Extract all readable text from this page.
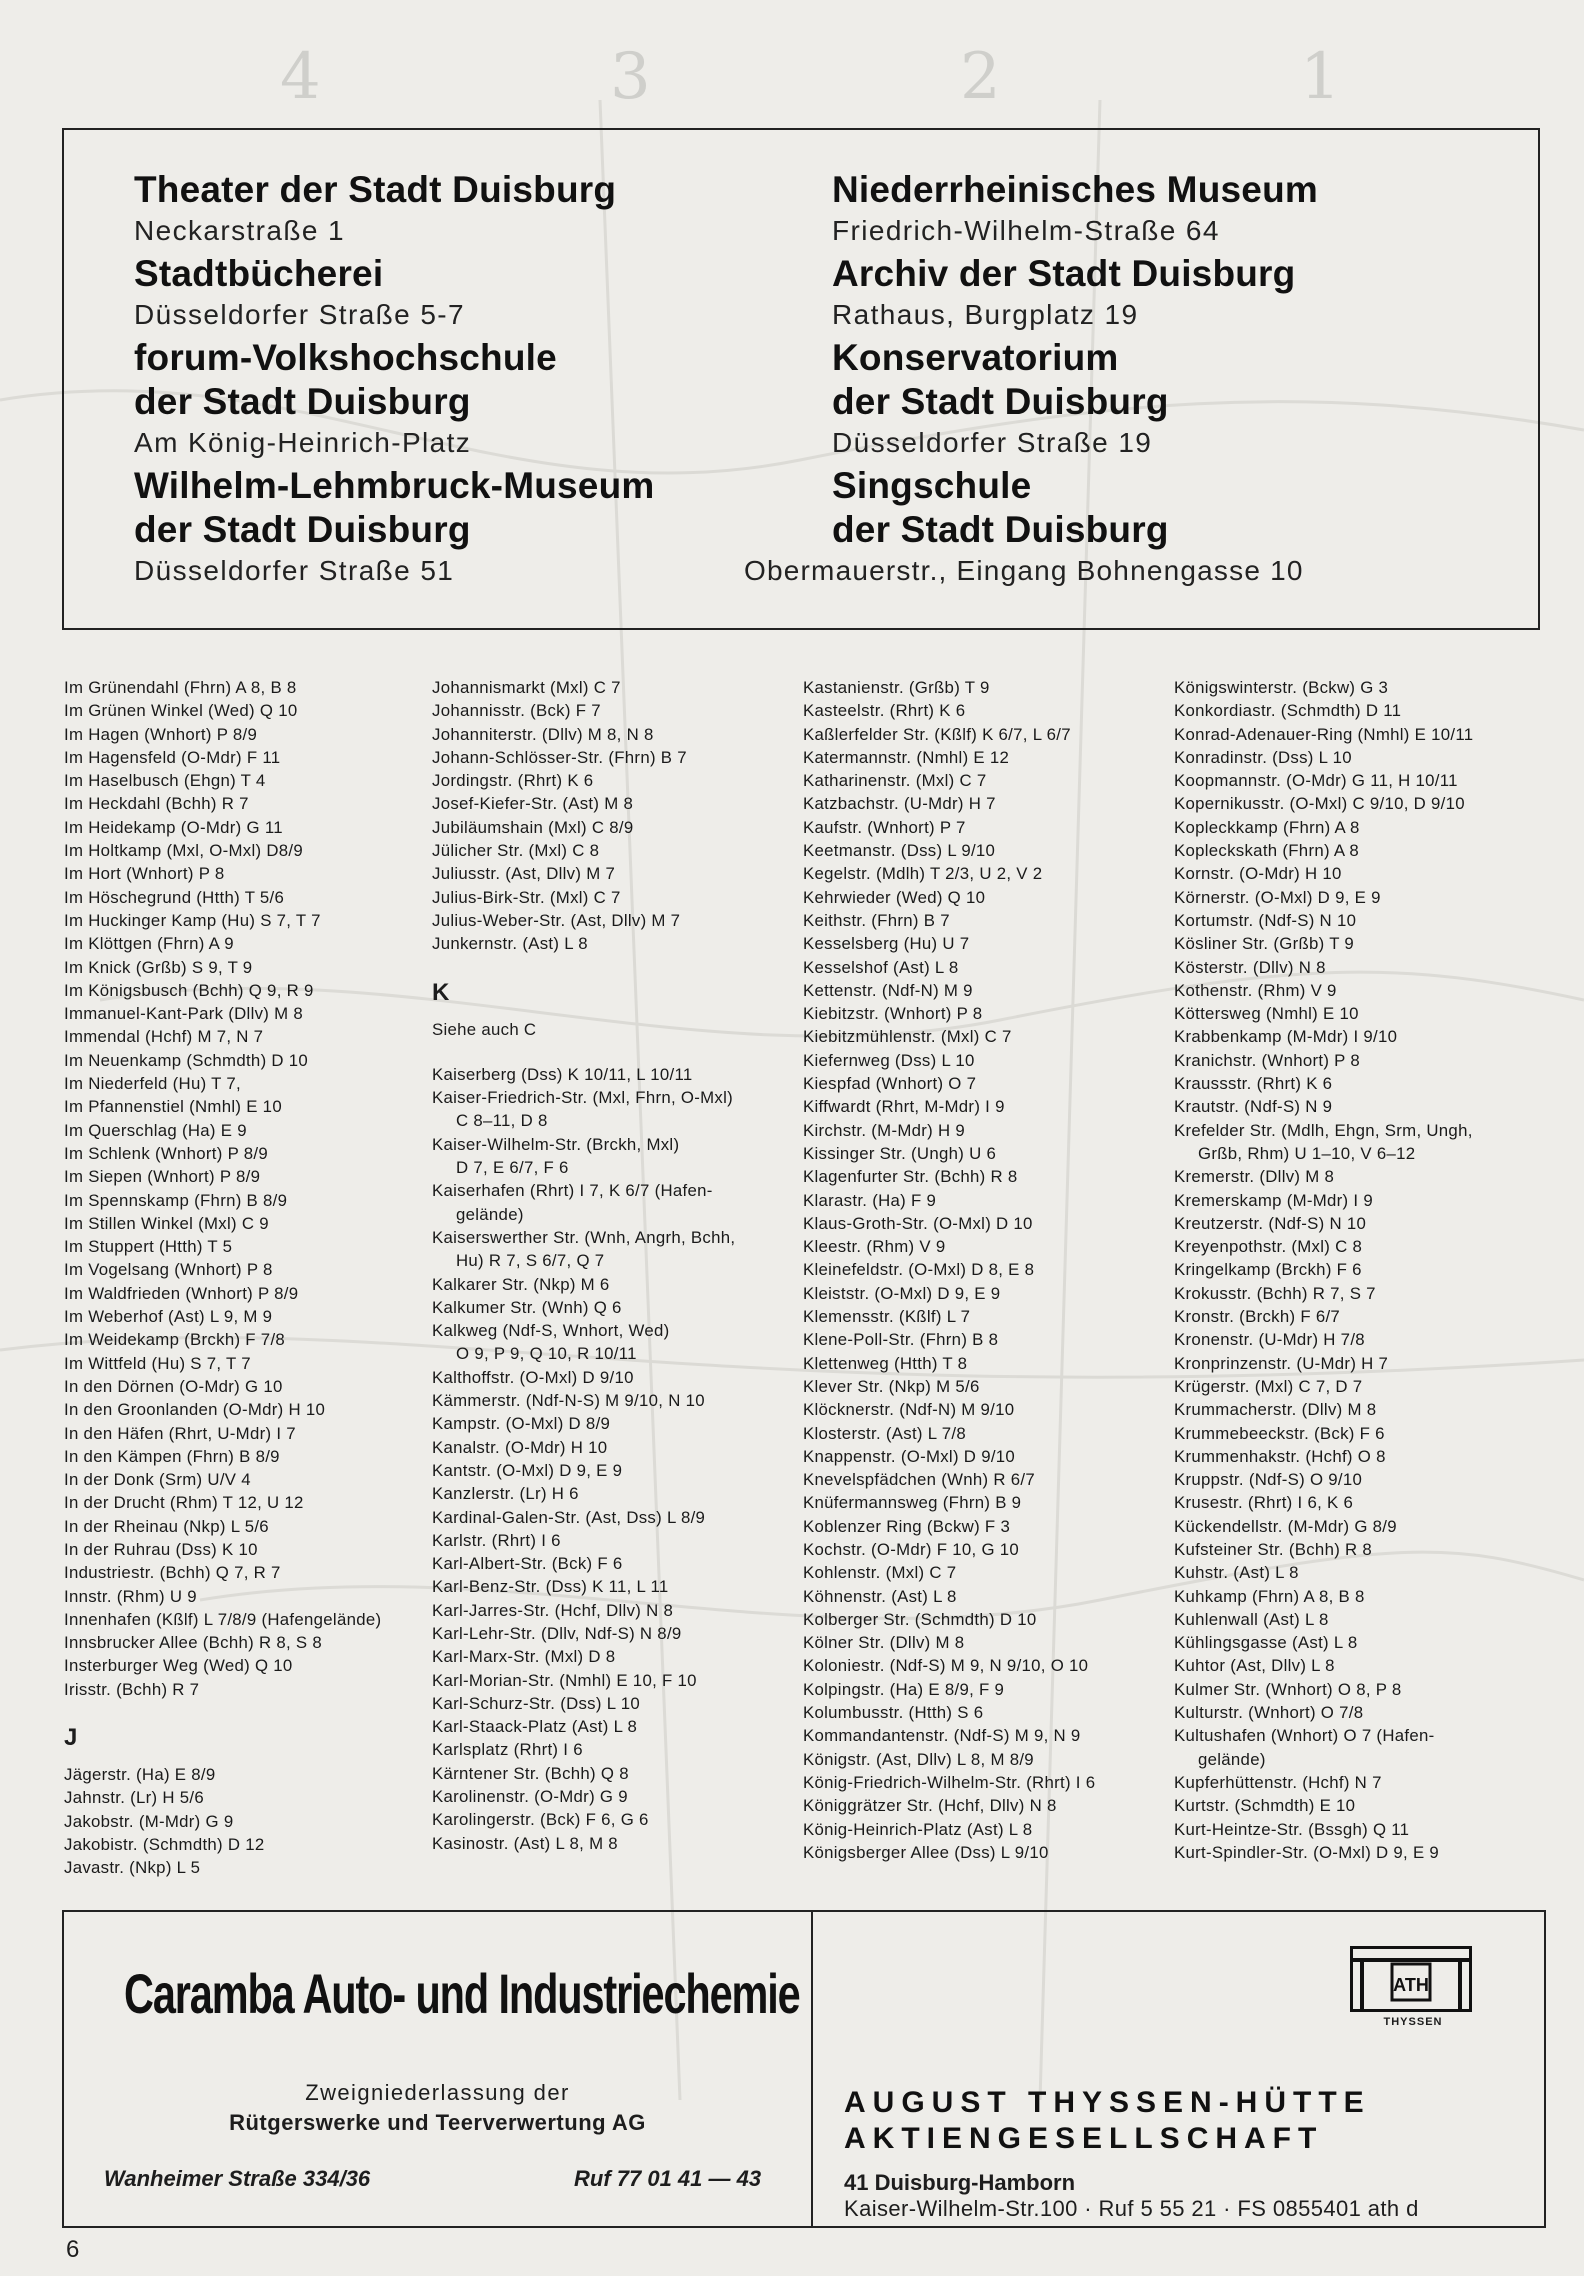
4	3	2	1
Theater der Stadt Duisburg
Neckarstraße 1
Stadtbücherei
Düsseldorfer Straße 5-7
forum-Volkshochschule
der Stadt Duisburg
Am König-Heinrich-Platz
Wilhelm-Lehmbruck-Museum
der Stadt Duisburg
Düsseldorfer Straße 51
Niederrheinisches Museum
Friedrich-Wilhelm-Straße 64
Archiv der Stadt Duisburg
Rathaus, Burgplatz 19
Konservatorium
der Stadt Duisburg
Düsseldorfer Straße 19
Singschule
der Stadt Duisburg
Obermauerstr., Eingang Bohnengasse 10
Im Grünendahl (Fhrn) A 8, B 8
Im Grünen Winkel (Wed) Q 10
Im Hagen (Wnhort) P 8/9
Im Hagensfeld (O-Mdr) F 11
Im Haselbusch (Ehgn) T 4
Im Heckdahl (Bchh) R 7
Im Heidekamp (O-Mdr) G 11
Im Holtkamp (Mxl, O-Mxl) D8/9
Im Hort (Wnhort) P 8
Im Höschegrund (Htth) T 5/6
Im Huckinger Kamp (Hu) S 7, T 7
Im Klöttgen (Fhrn) A 9
Im Knick (Grßb) S 9, T 9
Im Königsbusch (Bchh) Q 9, R 9
Immanuel-Kant-Park (Dllv) M 8
Immendal (Hchf) M 7, N 7
Im Neuenkamp (Schmdth) D 10
Im Niederfeld (Hu) T 7,
Im Pfannenstiel (Nmhl) E 10
Im Querschlag (Ha) E 9
Im Schlenk (Wnhort) P 8/9
Im Siepen (Wnhort) P 8/9
Im Spennskamp (Fhrn) B 8/9
Im Stillen Winkel (Mxl) C 9
Im Stuppert (Htth) T 5
Im Vogelsang (Wnhort) P 8
Im Waldfrieden (Wnhort) P 8/9
Im Weberhof (Ast) L 9, M 9
Im Weidekamp (Brckh) F 7/8
Im Wittfeld (Hu) S 7, T 7
In den Dörnen (O-Mdr) G 10
In den Groonlanden (O-Mdr) H 10
In den Häfen (Rhrt, U-Mdr) I 7
In den Kämpen (Fhrn) B 8/9
In der Donk (Srm) U/V 4
In der Drucht (Rhm) T 12, U 12
In der Rheinau (Nkp) L 5/6
In der Ruhrau (Dss) K 10
Industriestr. (Bchh) Q 7, R 7
Innstr. (Rhm) U 9
Innenhafen (Kßlf) L 7/8/9 (Hafengelände)
Innsbrucker Allee (Bchh) R 8, S 8
Insterburger Weg (Wed) Q 10
Irisstr. (Bchh) R 7
J
Jägerstr. (Ha) E 8/9
Jahnstr. (Lr) H 5/6
Jakobstr. (M-Mdr) G 9
Jakobistr. (Schmdth) D 12
Javastr. (Nkp) L 5
Johannismarkt (Mxl) C 7
Johannisstr. (Bck) F 7
Johanniterstr. (Dllv) M 8, N 8
Johann-Schlösser-Str. (Fhrn) B 7
Jordingstr. (Rhrt) K 6
Josef-Kiefer-Str. (Ast) M 8
Jubiläumshain (Mxl) C 8/9
Jülicher Str. (Mxl) C 8
Juliusstr. (Ast, Dllv) M 7
Julius-Birk-Str. (Mxl) C 7
Julius-Weber-Str. (Ast, Dllv) M 7
Junkernstr. (Ast) L 8
K
Siehe auch C
Kaiserberg (Dss) K 10/11, L 10/11
Kaiser-Friedrich-Str. (Mxl, Fhrn, O-Mxl)
C 8–11, D 8
Kaiser-Wilhelm-Str. (Brckh, Mxl)
D 7, E 6/7, F 6
Kaiserhafen (Rhrt) I 7, K 6/7 (Hafen-
gelände)
Kaiserswerther Str. (Wnh, Angrh, Bchh,
Hu) R 7, S 6/7, Q 7
Kalkarer Str. (Nkp) M 6
Kalkumer Str. (Wnh) Q 6
Kalkweg (Ndf-S, Wnhort, Wed)
O 9, P 9, Q 10, R 10/11
Kalthoffstr. (O-Mxl) D 9/10
Kämmerstr. (Ndf-N-S) M 9/10, N 10
Kampstr. (O-Mxl) D 8/9
Kanalstr. (O-Mdr) H 10
Kantstr. (O-Mxl) D 9, E 9
Kanzlerstr. (Lr) H 6
Kardinal-Galen-Str. (Ast, Dss) L 8/9
Karlstr. (Rhrt) I 6
Karl-Albert-Str. (Bck) F 6
Karl-Benz-Str. (Dss) K 11, L 11
Karl-Jarres-Str. (Hchf, Dllv) N 8
Karl-Lehr-Str. (Dllv, Ndf-S) N 8/9
Karl-Marx-Str. (Mxl) D 8
Karl-Morian-Str. (Nmhl) E 10, F 10
Karl-Schurz-Str. (Dss) L 10
Karl-Staack-Platz (Ast) L 8
Karlsplatz (Rhrt) I 6
Kärntener Str. (Bchh) Q 8
Karolinenstr. (O-Mdr) G 9
Karolingerstr. (Bck) F 6, G 6
Kasinostr. (Ast) L 8, M 8
Kastanienstr. (Grßb) T 9
Kasteelstr. (Rhrt) K 6
Kaßlerfelder Str. (Kßlf) K 6/7, L 6/7
Katermannstr. (Nmhl) E 12
Katharinenstr. (Mxl) C 7
Katzbachstr. (U-Mdr) H 7
Kaufstr. (Wnhort) P 7
Keetmanstr. (Dss) L 9/10
Kegelstr. (Mdlh) T 2/3, U 2, V 2
Kehrwieder (Wed) Q 10
Keithstr. (Fhrn) B 7
Kesselsberg (Hu) U 7
Kesselshof (Ast) L 8
Kettenstr. (Ndf-N) M 9
Kiebitzstr. (Wnhort) P 8
Kiebitzmühlenstr. (Mxl) C 7
Kiefernweg (Dss) L 10
Kiespfad (Wnhort) O 7
Kiffwardt (Rhrt, M-Mdr) I 9
Kirchstr. (M-Mdr) H 9
Kissinger Str. (Ungh) U 6
Klagenfurter Str. (Bchh) R 8
Klarastr. (Ha) F 9
Klaus-Groth-Str. (O-Mxl) D 10
Kleestr. (Rhm) V 9
Kleinefeldstr. (O-Mxl) D 8, E 8
Kleiststr. (O-Mxl) D 9, E 9
Klemensstr. (Kßlf) L 7
Klene-Poll-Str. (Fhrn) B 8
Klettenweg (Htth) T 8
Klever Str. (Nkp) M 5/6
Klöcknerstr. (Ndf-N) M 9/10
Klosterstr. (Ast) L 7/8
Knappenstr. (O-Mxl) D 9/10
Knevelspfädchen (Wnh) R 6/7
Knüfermannsweg (Fhrn) B 9
Koblenzer Ring (Bckw) F 3
Kochstr. (O-Mdr) F 10, G 10
Kohlenstr. (Mxl) C 7
Köhnenstr. (Ast) L 8
Kolberger Str. (Schmdth) D 10
Kölner Str. (Dllv) M 8
Koloniestr. (Ndf-S) M 9, N 9/10, O 10
Kolpingstr. (Ha) E 8/9, F 9
Kolumbusstr. (Htth) S 6
Kommandantenstr. (Ndf-S) M 9, N 9
Königstr. (Ast, Dllv) L 8, M 8/9
König-Friedrich-Wilhelm-Str. (Rhrt) I 6
Königgrätzer Str. (Hchf, Dllv) N 8
König-Heinrich-Platz (Ast) L 8
Königsberger Allee (Dss) L 9/10
Königswinterstr. (Bckw) G 3
Konkordiastr. (Schmdth) D 11
Konrad-Adenauer-Ring (Nmhl) E 10/11
Konradinstr. (Dss) L 10
Koopmannstr. (O-Mdr) G 11, H 10/11
Kopernikusstr. (O-Mxl) C 9/10, D 9/10
Kopleckkamp (Fhrn) A 8
Kopleckskath (Fhrn) A 8
Kornstr. (O-Mdr) H 10
Körnerstr. (O-Mxl) D 9, E 9
Kortumstr. (Ndf-S) N 10
Kösliner Str. (Grßb) T 9
Kösterstr. (Dllv) N 8
Kothenstr. (Rhm) V 9
Köttersweg (Nmhl) E 10
Krabbenkamp (M-Mdr) I 9/10
Kranichstr. (Wnhort) P 8
Kraussstr. (Rhrt) K 6
Krautstr. (Ndf-S) N 9
Krefelder Str. (Mdlh, Ehgn, Srm, Ungh,
Grßb, Rhm) U 1–10, V 6–12
Kremerstr. (Dllv) M 8
Kremerskamp (M-Mdr) I 9
Kreutzerstr. (Ndf-S) N 10
Kreyenpothstr. (Mxl) C 8
Kringelkamp (Brckh) F 6
Krokusstr. (Bchh) R 7, S 7
Kronstr. (Brckh) F 6/7
Kronenstr. (U-Mdr) H 7/8
Kronprinzenstr. (U-Mdr) H 7
Krügerstr. (Mxl) C 7, D 7
Krummacherstr. (Dllv) M 8
Krummebeeckstr. (Bck) F 6
Krummenhakstr. (Hchf) O 8
Kruppstr. (Ndf-S) O 9/10
Krusestr. (Rhrt) I 6, K 6
Kückendellstr. (M-Mdr) G 8/9
Kufsteiner Str. (Bchh) R 8
Kuhstr. (Ast) L 8
Kuhkamp (Fhrn) A 8, B 8
Kuhlenwall (Ast) L 8
Kühlingsgasse (Ast) L 8
Kuhtor (Ast, Dllv) L 8
Kulmer Str. (Wnhort) O 8, P 8
Kulturstr. (Wnhort) O 7/8
Kultushafen (Wnhort) O 7 (Hafen-
gelände)
Kupferhüttenstr. (Hchf) N 7
Kurtstr. (Schmdth) E 10
Kurt-Heintze-Str. (Bssgh) Q 11
Kurt-Spindler-Str. (O-Mxl) D 9, E 9
Caramba Auto- und Industriechemie
Zweigniederlassung der
Rütgerswerke und Teerverwertung AG
Wanheimer Straße 334/36	Ruf 77 01 41 — 43
ATH
THYSSEN
AUGUST THYSSEN-HÜTTE
AKTIENGESELLSCHAFT
41 Duisburg-Hamborn
Kaiser-Wilhelm-Str.100 · Ruf 5 55 21 · FS 0855401 ath d
6
